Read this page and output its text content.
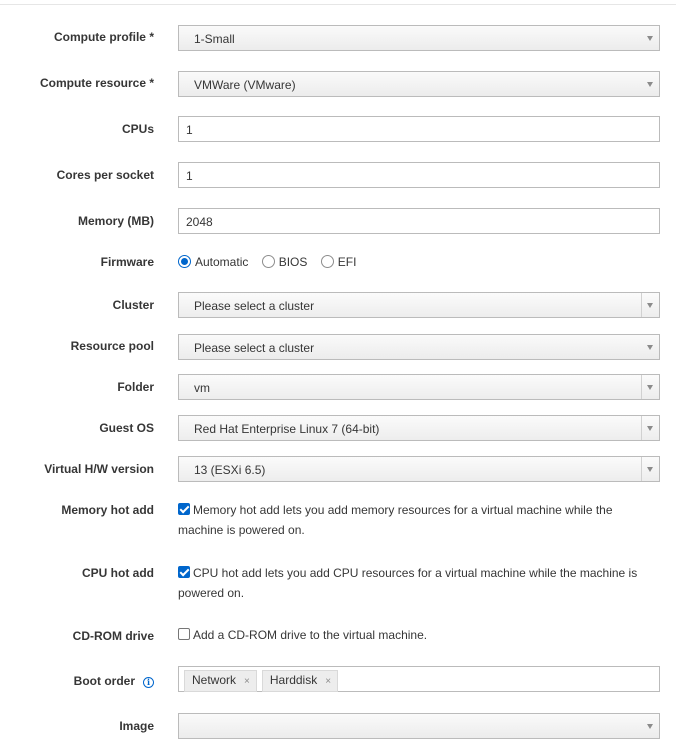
Compute profile *	1-Small
Compute resource *	VMWare (VMware)
CPUs	1
Cores per socket	1
Memory (MB)	2048
Firmware	Automatic	BIOS	EFI
Cluster	Please select a cluster
Resource pool	Please select a cluster
Folder	vm
Guest OS	Red Hat Enterprise Linux 7 (64-bit)
Virtual H/W version	13 (ESXi 6.5)
Memory hot add	Memory hot add lets you add memory resources for a virtual machine while the machine is powered on.
CPU hot add	CPU hot add lets you add CPU resources for a virtual machine while the machine is powered on.
CD-ROM drive	Add a CD-ROM drive to the virtual machine.
Boot order i	Network × Harddisk ×
Image
